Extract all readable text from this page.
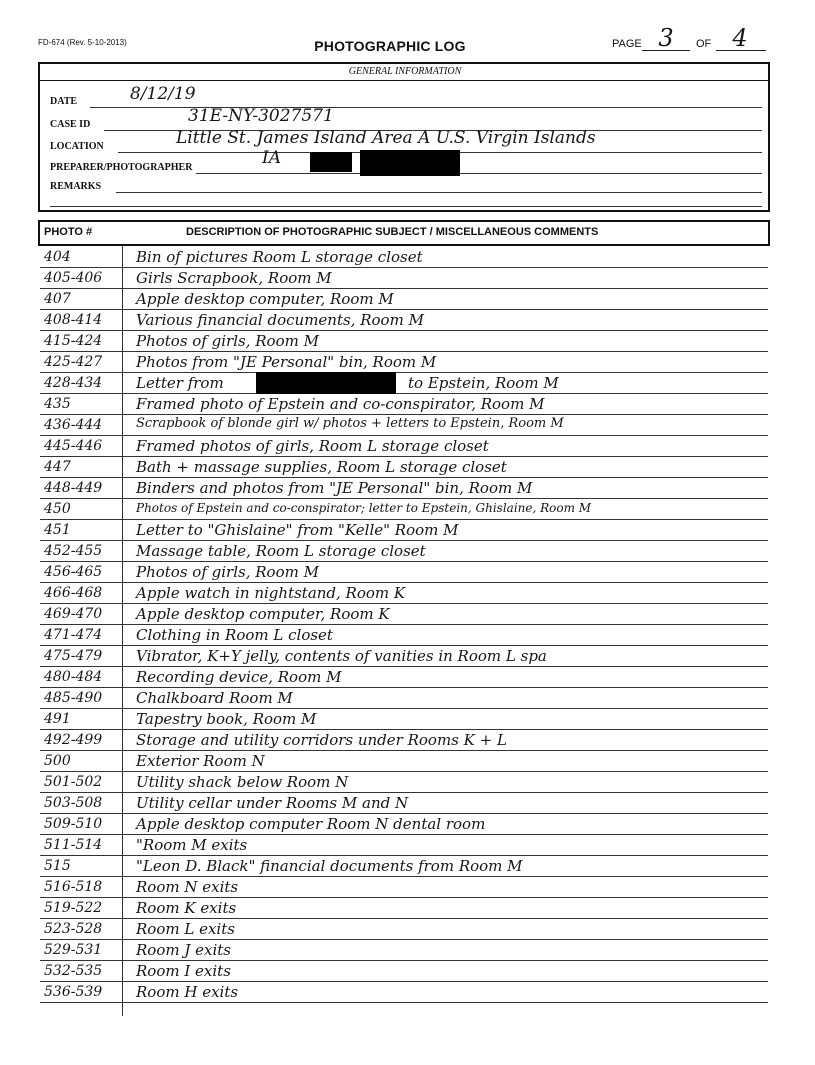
FD-674 (Rev. 5-10-2013)	PHOTOGRAPHIC LOG	PAGE 3	OF 4
GENERAL INFORMATION
DATE	8/12/19
CASE ID	31E-NY-3027571
LOCATION	Little St. James Island Area A U.S. Virgin Islands
PREPARER/PHOTOGRAPHER	IA
REMARKS
PHOTO #	DESCRIPTION OF PHOTOGRAPHIC SUBJECT / MISCELLANEOUS COMMENTS
404	Bin of pictures Room L storage closet
405-406 Girls Scrapbook, Room M
407	Apple desktop computer, Room M
408-414 Various financial documents, Room M
415-424 Photos of girls, Room M
425-427 Photos from "JE Personal" bin, Room M
428-434 Letter from	to Epstein, Room M
435	Framed photo of Epstein and co-conspirator, Room M
436-444	Scrapbook of blonde girl w/ photos + letters to Epstein, Room M
445-446 Framed photos of girls, Room L storage closet
447	Bath + massage supplies, Room L storage closet
448-449 Binders and photos from "JE Personal" bin, Room M
450	Photos of Epstein and co-conspirator; letter to Epstein, Ghislaine, Room M
451	Letter to "Ghislaine" from "Kelle" Room M
452-455 Massage table, Room L storage closet
456-465 Photos of girls, Room M
466-468 Apple watch in nightstand, Room K
469-470 Apple desktop computer, Room K
471-474 Clothing in Room L closet
475-479 Vibrator, K+Y jelly, contents of vanities in Room L spa
480-484 Recording device, Room M
485-490 Chalkboard Room M
491	Tapestry book, Room M
492-499 Storage and utility corridors under Rooms K + L
500	Exterior Room N
501-502 Utility shack below Room N
503-508 Utility cellar under Rooms M and N
509-510 Apple desktop computer Room N dental room
511-514 "Room M exits
515	"Leon D. Black" financial documents from Room M
516-518 Room N exits
519-522 Room K exits
523-528 Room L exits
529-531 Room J exits
532-535 Room I exits
536-539 Room H exits
